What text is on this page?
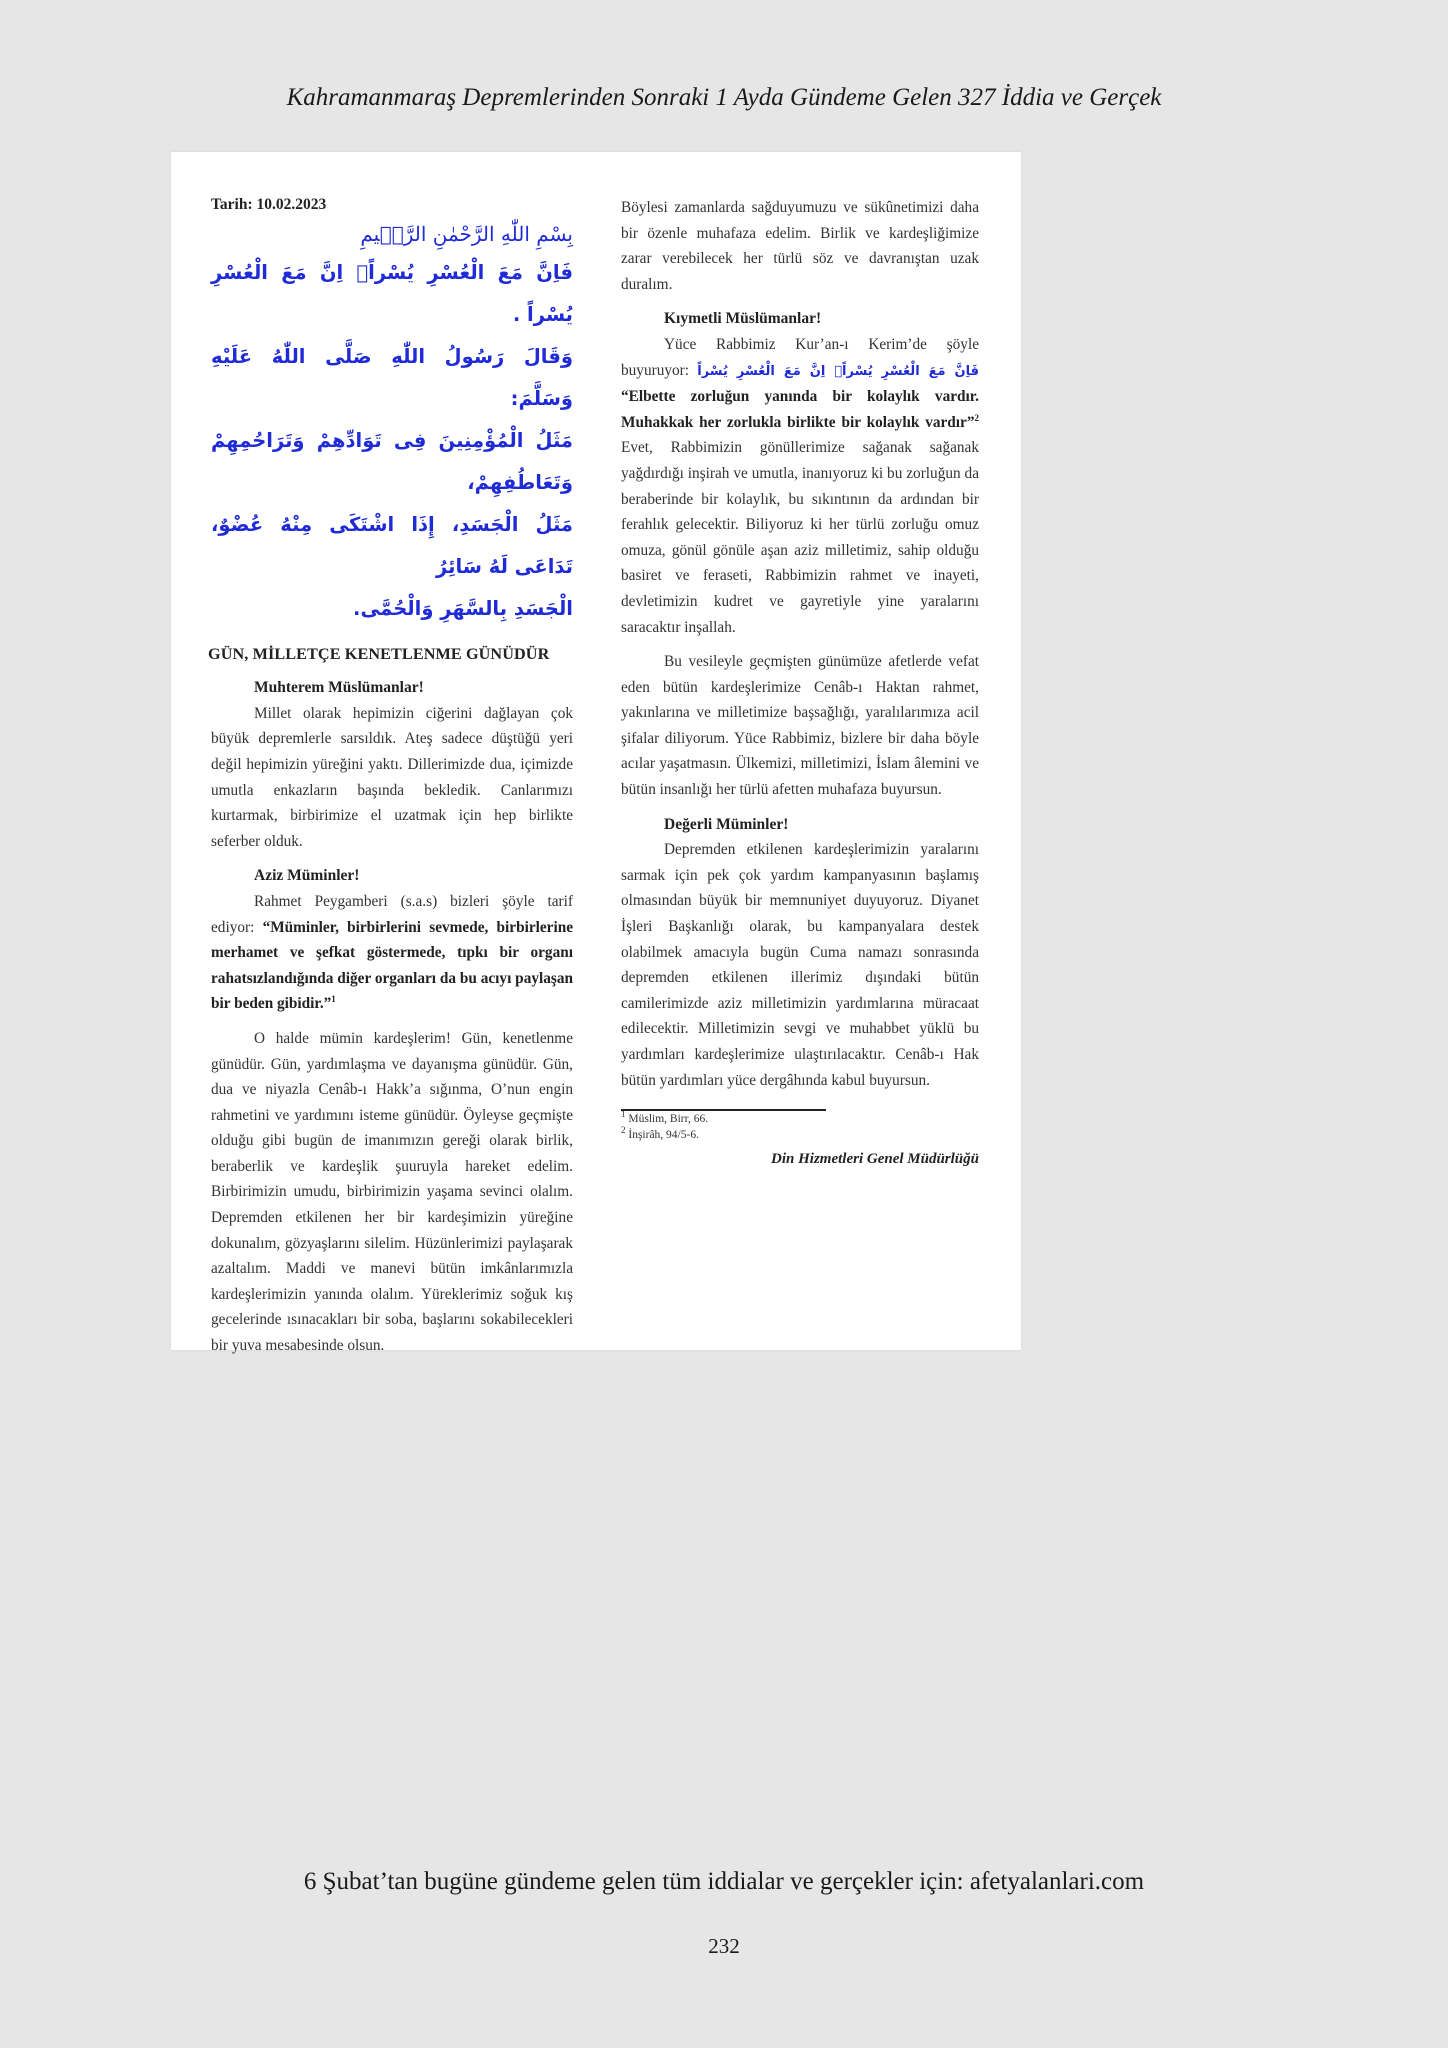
Kahramanmaraş Depremlerinden Sonraki 1 Ayda Gündeme Gelen 327 İddia ve Gerçek
Tarih: 10.02.2023
بِسْمِ اللّٰهِ الرَّحْمٰنِ الرَّح۪يمِ
فَاِنَّ مَعَ الْعُسْرِ يُسْراًۙ اِنَّ مَعَ الْعُسْرِ يُسْراً .
وَقَالَ رَسُولُ اللّٰهِ صَلَّى اللّٰهُ عَلَيْهِ وَسَلَّمَ:
مَثَلُ الْمُؤْمِنِينَ فِى تَوَادِّهِمْ وَتَرَاحُمِهِمْ وَتَعَاطُفِهِمْ،
مَثَلُ الْجَسَدِ، إِذَا اشْتَكَى مِنْهُ عُضْوٌ، تَدَاعَى لَهُ سَائِرُ
الْجَسَدِ بِالسَّهَرِ وَالْحُمَّى.
GÜN, MİLLETÇE KENETLENME GÜNÜDÜR
Muhterem Müslümanlar!

Millet olarak hepimizin ciğerini dağlayan çok büyük depremlerle sarsıldık. Ateş sadece düştüğü yeri değil hepimizin yüreğini yaktı. Dillerimizde dua, içimizde umutla enkazların başında bekledik. Canlarımızı kurtarmak, birbirimize el uzatmak için hep birlikte seferber olduk.

Aziz Müminler!

Rahmet Peygamberi (s.a.s) bizleri şöyle tarif ediyor: “Müminler, birbirlerini sevmede, birbirlerine merhamet ve şefkat göstermede, tıpkı bir organı rahatsızlandığında diğer organları da bu acıyı paylaşan bir beden gibidir.”$^1$

O halde mümin kardeşlerim! Gün, kenetlenme günüdür. Gün, yardımlaşma ve dayanışma günüdür. Gün, dua ve niyazla Cenâb-ı Hakk’a sığınma, O’nun engin rahmetini ve yardımını isteme günüdür. Öyleyse geçmişte olduğu gibi bugün de imanımızın gereği olarak birlik, beraberlik ve kardeşlik şuuruyla hareket edelim. Birbirimizin umudu, birbirimizin yaşama sevinci olalım. Depremden etkilenen her bir kardeşimizin yüreğine dokunalım, gözyaşlarını silelim. Hüzünlerimizi paylaşarak azaltalım. Maddi ve manevi bütün imkânlarımızla kardeşlerimizin yanında olalım. Yüreklerimiz soğuk kış gecelerinde ısınacakları bir soba, başlarını sokabilecekleri bir yuva mesabesinde olsun.

Böylesi zamanlarda sağduyumuzu ve sükûnetimizi daha bir özenle muhafaza edelim. Birlik ve kardeşliğimize zarar verebilecek her türlü söz ve davranıştan uzak duralım.

Kıymetli Müslümanlar!

Yüce Rabbimiz Kur’an-ı Kerim’de şöyle buyuruyor: فَاِنَّ مَعَ الْعُسْرِ يُسْراًۙ اِنَّ مَعَ الْعُسْرِ يُسْراً “Elbette zorluğun yanında bir kolaylık vardır. Muhakkak her zorlukla birlikte bir kolaylık vardır”$^2$ Evet, Rabbimizin gönüllerimize sağanak sağanak yağdırdığı inşirah ve umutla, inanıyoruz ki bu zorluğun da beraberinde bir kolaylık, bu sıkıntının da ardından bir ferahlık gelecektir. Biliyoruz ki her türlü zorluğu omuz omuza, gönül gönüle aşan aziz milletimiz, sahip olduğu basiret ve feraseti, Rabbimizin rahmet ve inayeti, devletimizin kudret ve gayretiyle yine yaralarını saracaktır inşallah.

Bu vesileyle geçmişten günümüze afetlerde vefat eden bütün kardeşlerimize Cenâb-ı Haktan rahmet, yakınlarına ve milletimize başsağlığı, yaralılarımıza acil şifalar diliyorum. Yüce Rabbimiz, bizlere bir daha böyle acılar yaşatmasın. Ülkemizi, milletimizi, İslam âlemini ve bütün insanlığı her türlü afetten muhafaza buyursun.

Değerli Müminler!

Depremden etkilenen kardeşlerimizin yaralarını sarmak için pek çok yardım kampanyasının başlamış olmasından büyük bir memnuniyet duyuyoruz. Diyanet İşleri Başkanlığı olarak, bu kampanyalara destek olabilmek amacıyla bugün Cuma namazı sonrasında depremden etkilenen illerimiz dışındaki bütün camilerimizde aziz milletimizin yardımlarına müracaat edilecektir. Milletimizin sevgi ve muhabbet yüklü bu yardımları kardeşlerimize ulaştırılacaktır. Cenâb-ı Hak bütün yardımları yüce dergâhında kabul buyursun.

$^1$ Müslim, Birr, 66.
$^2$ İnşirâh, 94/5-6.
Din Hizmetleri Genel Müdürlüğü
6 Şubat’tan bugüne gündeme gelen tüm iddialar ve gerçekler için: afetyalanlari.com
232
